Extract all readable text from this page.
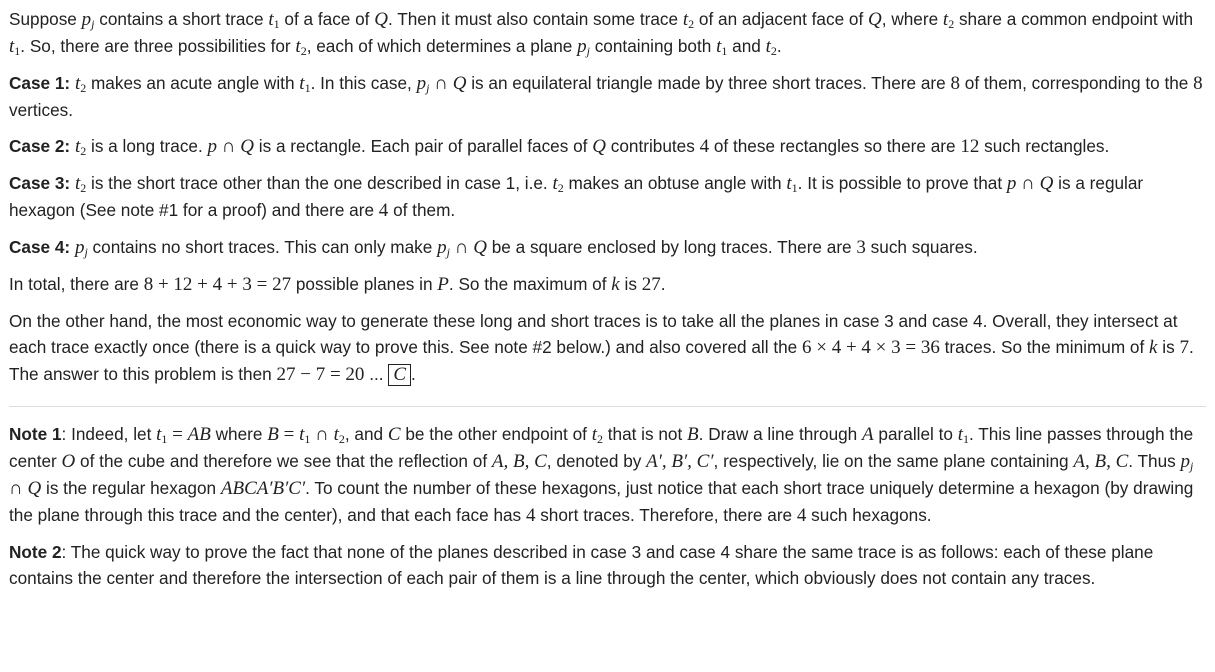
Suppose $p_j$ contains a short trace $t_1$ of a face of Q. Then it must also contain some trace $t_2$ of an adjacent face of Q, where $t_2$ share a common endpoint with $t_1$. So, there are three possibilities for $t_2$, each of which determines a plane $p_j$ containing both $t_1$ and $t_2$.

Case 1: $t_2$ makes an acute angle with $t_1$. In this case, $p_j$ ∩ Q is an equilateral triangle made by three short traces. There are 8 of them, corresponding to the 8 vertices.

Case 2: $t_2$ is a long trace. p ∩ Q is a rectangle. Each pair of parallel faces of Q contributes 4 of these rectangles so there are 12 such rectangles.

Case 3: $t_2$ is the short trace other than the one described in case 1, i.e. $t_2$ makes an obtuse angle with $t_1$. It is possible to prove that p ∩ Q is a regular hexagon (See note #1 for a proof) and there are 4 of them.

Case 4: $p_j$ contains no short traces. This can only make $p_j$ ∩ Q be a square enclosed by long traces. There are 3 such squares.

In total, there are 8 + 12 + 4 + 3 = 27 possible planes in P. So the maximum of k is 27.

On the other hand, the most economic way to generate these long and short traces is to take all the planes in case 3 and case 4. Overall, they intersect at each trace exactly once (there is a quick way to prove this. See note #2 below.) and also covered all the 6 × 4 + 4 × 3 = 36 traces. So the minimum of k is 7. The answer to this problem is then 27 − 7 = 20 ... C .

Note 1: Indeed, let $t_1$ = AB where $B = t_1$ ∩ $t_2$, and C be the other endpoint of $t_2$ that is not B. Draw a line through A parallel to $t_1$. This line passes through the center O of the cube and therefore we see that the reflection of A, B, C, denoted by A′, B′, C′, respectively, lie on the same plane containing A, B, C. Thus $p_j$ ∩ Q is the regular hexagon ABCA′B′C′. To count the number of these hexagons, just notice that each short trace uniquely determine a hexagon (by drawing the plane through this trace and the center), and that each face has 4 short traces. Therefore, there are 4 such hexagons.

Note 2: The quick way to prove the fact that none of the planes described in case 3 and case 4 share the same trace is as follows: each of these plane contains the center and therefore the intersection of each pair of them is a line through the center, which obviously does not contain any traces.
